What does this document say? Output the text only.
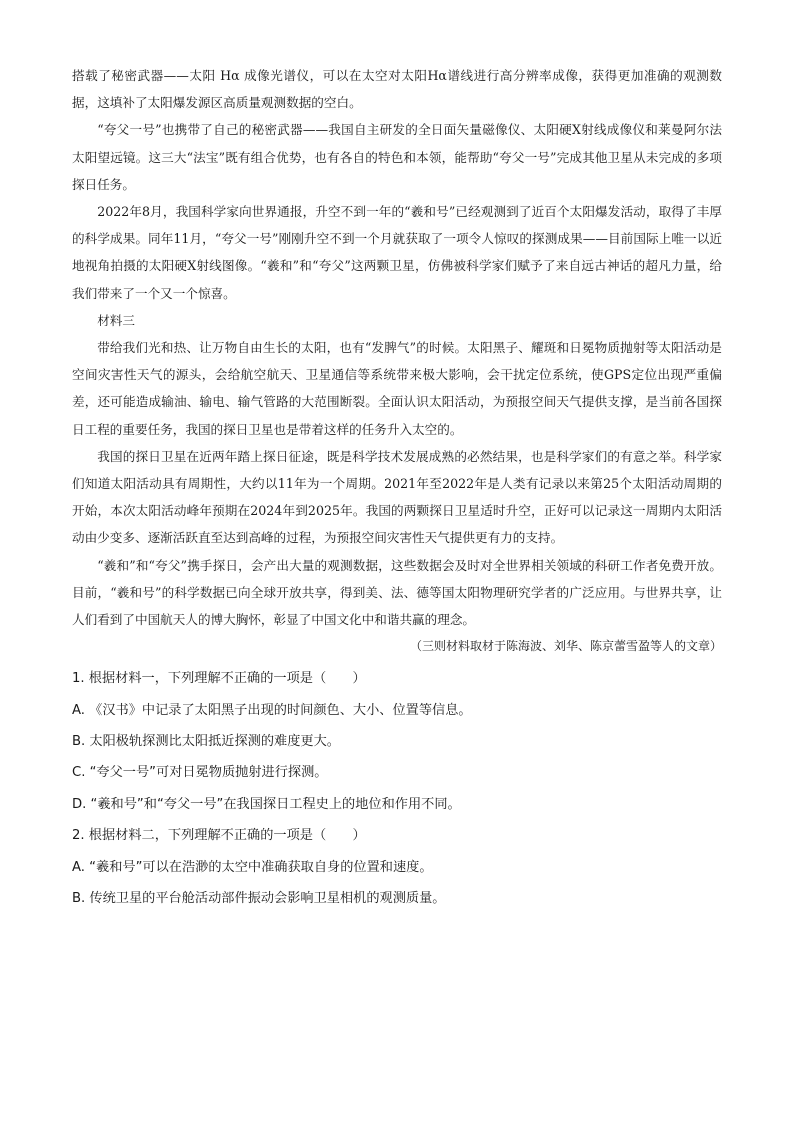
搭载了秘密武器——太阳 Hα 成像光谱仪，可以在太空对太阳Hα谱线进行高分辨率成像，获得更加准确的观测数据，这填补了太阳爆发源区高质量观测数据的空白。

“夸父一号”也携带了自己的秘密武器——我国自主研发的全日面矢量磁像仪、太阳硬X射线成像仪和莱曼阿尔法太阳望远镜。这三大“法宝”既有组合优势，也有各自的特色和本领，能帮助“夸父一号”完成其他卫星从未完成的多项探日任务。

2022年8月，我国科学家向世界通报，升空不到一年的“羲和号”已经观测到了近百个太阳爆发活动，取得了丰厚的科学成果。同年11月，“夸父一号”刚刚升空不到一个月就获取了一项令人惊叹的探测成果——目前国际上唯一以近地视角拍摄的太阳硬X射线图像。“羲和”和“夸父”这两颗卫星，仿佛被科学家们赋予了来自远古神话的超凡力量，给我们带来了一个又一个惊喜。

材料三

带给我们光和热、让万物自由生长的太阳，也有“发脾气”的时候。太阳黑子、耀斑和日冕物质抛射等太阳活动是空间灾害性天气的源头，会给航空航天、卫星通信等系统带来极大影响，会干扰定位系统，使GPS定位出现严重偏差，还可能造成输油、输电、输气管路的大范围断裂。全面认识太阳活动，为预报空间天气提供支撑，是当前各国探日工程的重要任务，我国的探日卫星也是带着这样的任务升入太空的。

我国的探日卫星在近两年踏上探日征途，既是科学技术发展成熟的必然结果，也是科学家们的有意之举。科学家们知道太阳活动具有周期性，大约以11年为一个周期。2021年至2022年是人类有记录以来第25个太阳活动周期的开始，本次太阳活动峰年预期在2024年到2025年。我国的两颗探日卫星适时升空，正好可以记录这一周期内太阳活动由少变多、逐渐活跃直至达到高峰的过程，为预报空间灾害性天气提供更有力的支持。

“羲和”和“夸父”携手探日，会产出大量的观测数据，这些数据会及时对全世界相关领域的科研工作者免费开放。目前，“羲和号”的科学数据已向全球开放共享，得到美、法、德等国太阳物理研究学者的广泛应用。与世界共享，让人们看到了中国航天人的博大胸怀，彰显了中国文化中和谐共赢的理念。

（三则材料取材于陈海波、刘华、陈京蕾雪盈等人的文章）

1. 根据材料一，下列理解不正确的一项是（　　）

A. 《汉书》中记录了太阳黑子出现的时间颜色、大小、位置等信息。

B. 太阳极轨探测比太阳抵近探测的难度更大。

C. “夸父一号”可对日冕物质抛射进行探测。

D. “羲和号”和“夸父一号”在我国探日工程史上的地位和作用不同。

2. 根据材料二，下列理解不正确的一项是（　　）

A. “羲和号”可以在浩渺的太空中准确获取自身的位置和速度。

B. 传统卫星的平台舱活动部件振动会影响卫星相机的观测质量。
